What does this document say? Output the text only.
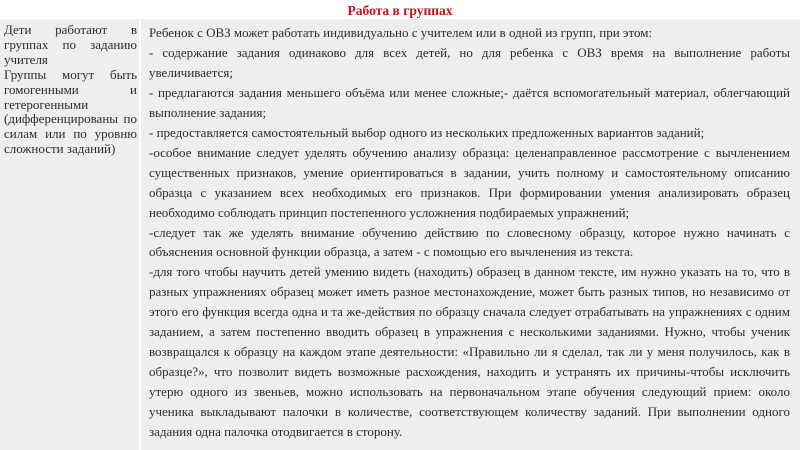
Работа в группах

Дети работают в группах по заданию учителя

Группы могут быть гомогенными и гетерогенными (дифференцированы по силам или по уровню сложности заданий)

Ребенок с ОВЗ может работать индивидуально с учителем или в одной из групп, при этом:

- содержание задания одинаково для всех детей, но для ребенка с ОВЗ время на выполнение работы увеличивается;

- предлагаются задания меньшего объёма или менее сложные;- даётся вспомогательный материал, облегчающий выполнение задания;

- предоставляется самостоятельный выбор одного из нескольких предложенных вариантов заданий;

-особое внимание следует уделять обучению анализу образца: целенаправленное рассмотрение с вычленением существенных признаков, умение ориентироваться в задании, учить полному и самостоятельному описанию образца с указанием всех необходимых его признаков. При формировании умения анализировать образец необходимо соблюдать принцип постепенного усложнения подбираемых упражнений;

-следует так же уделять внимание обучению действию по словесному образцу, которое нужно начинать с объяснения основной функции образца, а затем - с помощью его вычленения из текста.

-для того чтобы научить детей умению видеть (находить) образец в данном тексте, им нужно указать на то, что в разных упражнениях образец может иметь разное местонахождение, может быть разных типов, но независимо от этого его функция всегда одна и та же-действия по образцу сначала следует отрабатывать на упражнениях с одним заданием, а затем постепенно вводить образец в упражнения с несколькими заданиями. Нужно, чтобы ученик возвращался к образцу на каждом этапе деятельности: «Правильно ли я сделал, так ли у меня получилось, как в образце?», что позволит видеть возможные расхождения, находить и устранять их причины-чтобы исключить утерю одного из звеньев, можно использовать на первоначальном этапе обучения следующий прием: около ученика выкладывают палочки в количестве, соответствующем количеству заданий. При выполнении одного задания одна палочка отодвигается в сторону.
